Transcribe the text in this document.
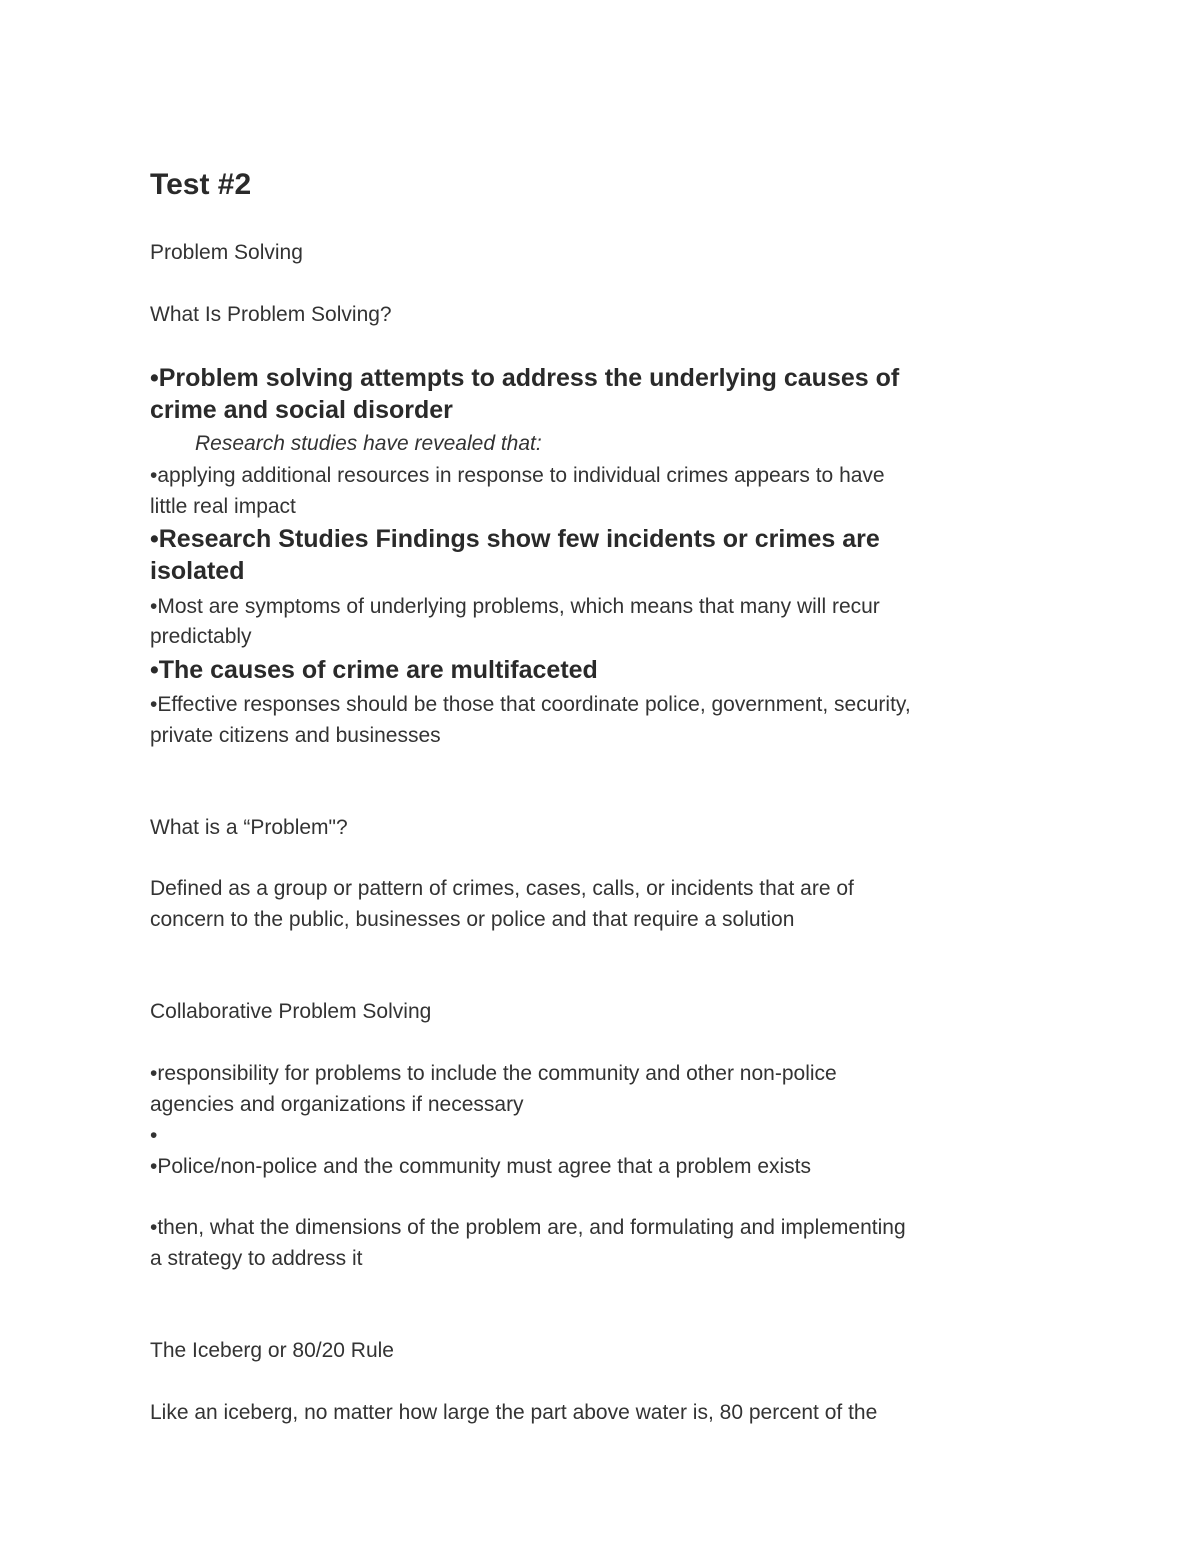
Test #2

Problem Solving

What Is Problem Solving?

•Problem solving attempts to address the underlying causes of

crime and social disorder

Research studies have revealed that:

•applying additional resources in response to individual crimes appears to have

little real impact

•Research Studies Findings show few incidents or crimes are

isolated

•Most are symptoms of underlying problems, which means that many will recur

predictably

•The causes of crime are multifaceted

•Effective responses should be those that coordinate police, government, security,

private citizens and businesses

What is a “Problem"?

Defined as a group or pattern of crimes, cases, calls, or incidents that are of

concern to the public, businesses or police and that require a solution

Collaborative Problem Solving

•responsibility for problems to include the community and other non-police

agencies and organizations if necessary

•

•Police/non-police and the community must agree that a problem exists

•then, what the dimensions of the problem are, and formulating and implementing

a strategy to address it

The Iceberg or 80/20 Rule

Like an iceberg, no matter how large the part above water is, 80 percent of the
